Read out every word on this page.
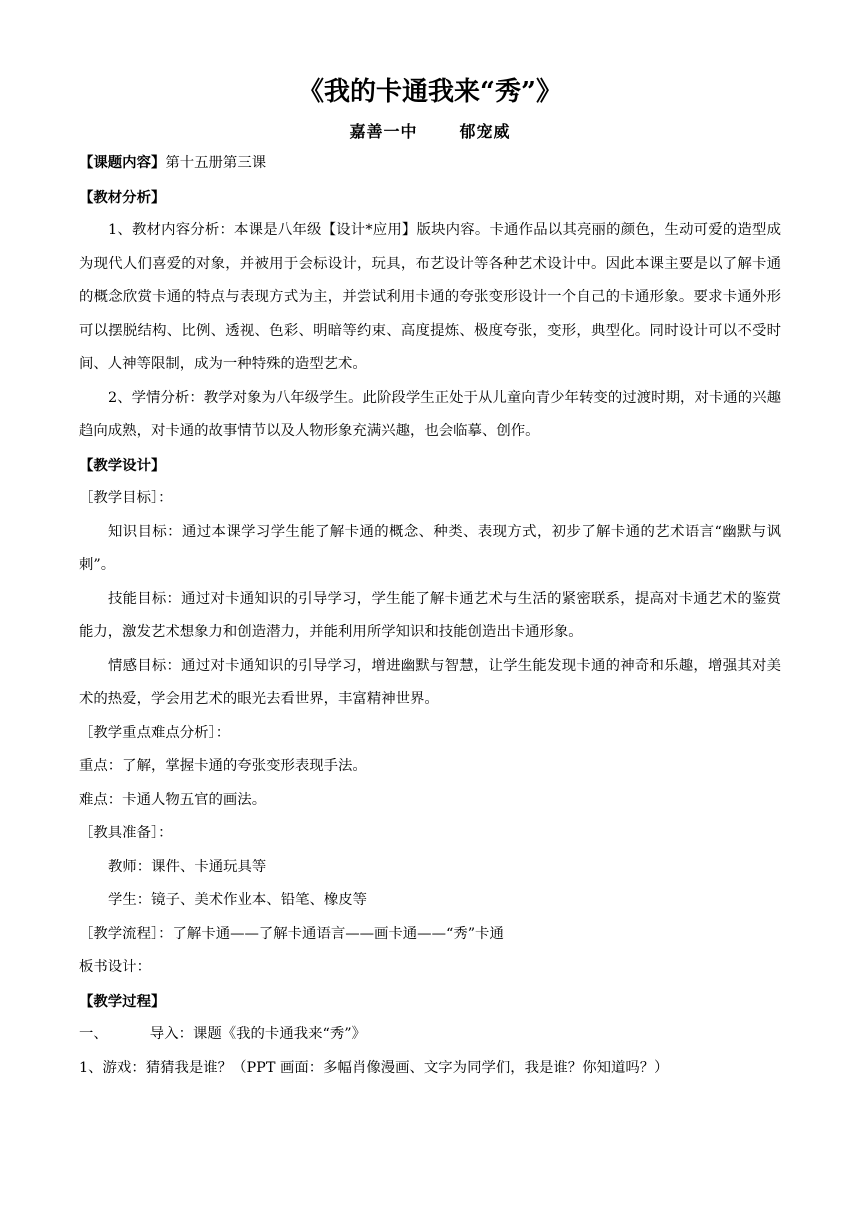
《我的卡通我来“秀”》
嘉善一中	郁宠威
【课题内容】第十五册第三课
【教材分析】
1、教材内容分析：本课是八年级【设计*应用】版块内容。卡通作品以其亮丽的颜色，生动可爱的造型成为现代人们喜爱的对象，并被用于会标设计，玩具，布艺设计等各种艺术设计中。因此本课主要是以了解卡通的概念欣赏卡通的特点与表现方式为主，并尝试利用卡通的夸张变形设计一个自己的卡通形象。要求卡通外形可以摆脱结构、比例、透视、色彩、明暗等约束、高度提炼、极度夸张，变形，典型化。同时设计可以不受时间、人神等限制，成为一种特殊的造型艺术。
2、学情分析：教学对象为八年级学生。此阶段学生正处于从儿童向青少年转变的过渡时期，对卡通的兴趣趋向成熟，对卡通的故事情节以及人物形象充满兴趣，也会临摹、创作。
【教学设计】
［教学目标］：
知识目标：通过本课学习学生能了解卡通的概念、种类、表现方式，初步了解卡通的艺术语言“幽默与讽刺”。
技能目标：通过对卡通知识的引导学习，学生能了解卡通艺术与生活的紧密联系，提高对卡通艺术的鉴赏能力，激发艺术想象力和创造潜力，并能利用所学知识和技能创造出卡通形象。
情感目标：通过对卡通知识的引导学习，增进幽默与智慧，让学生能发现卡通的神奇和乐趣，增强其对美术的热爱，学会用艺术的眼光去看世界，丰富精神世界。
［教学重点难点分析］：
重点：了解，掌握卡通的夸张变形表现手法。
难点：卡通人物五官的画法。
［教具准备］：
教师：课件、卡通玩具等
学生：镜子、美术作业本、铅笔、橡皮等
［教学流程］：了解卡通——了解卡通语言——画卡通——“秀”卡通
板书设计：
【教学过程】
一、	导入：课题《我的卡通我来“秀”》
1、游戏：猜猜我是谁？（PPT 画面：多幅肖像漫画、文字为同学们，我是谁？你知道吗？）
